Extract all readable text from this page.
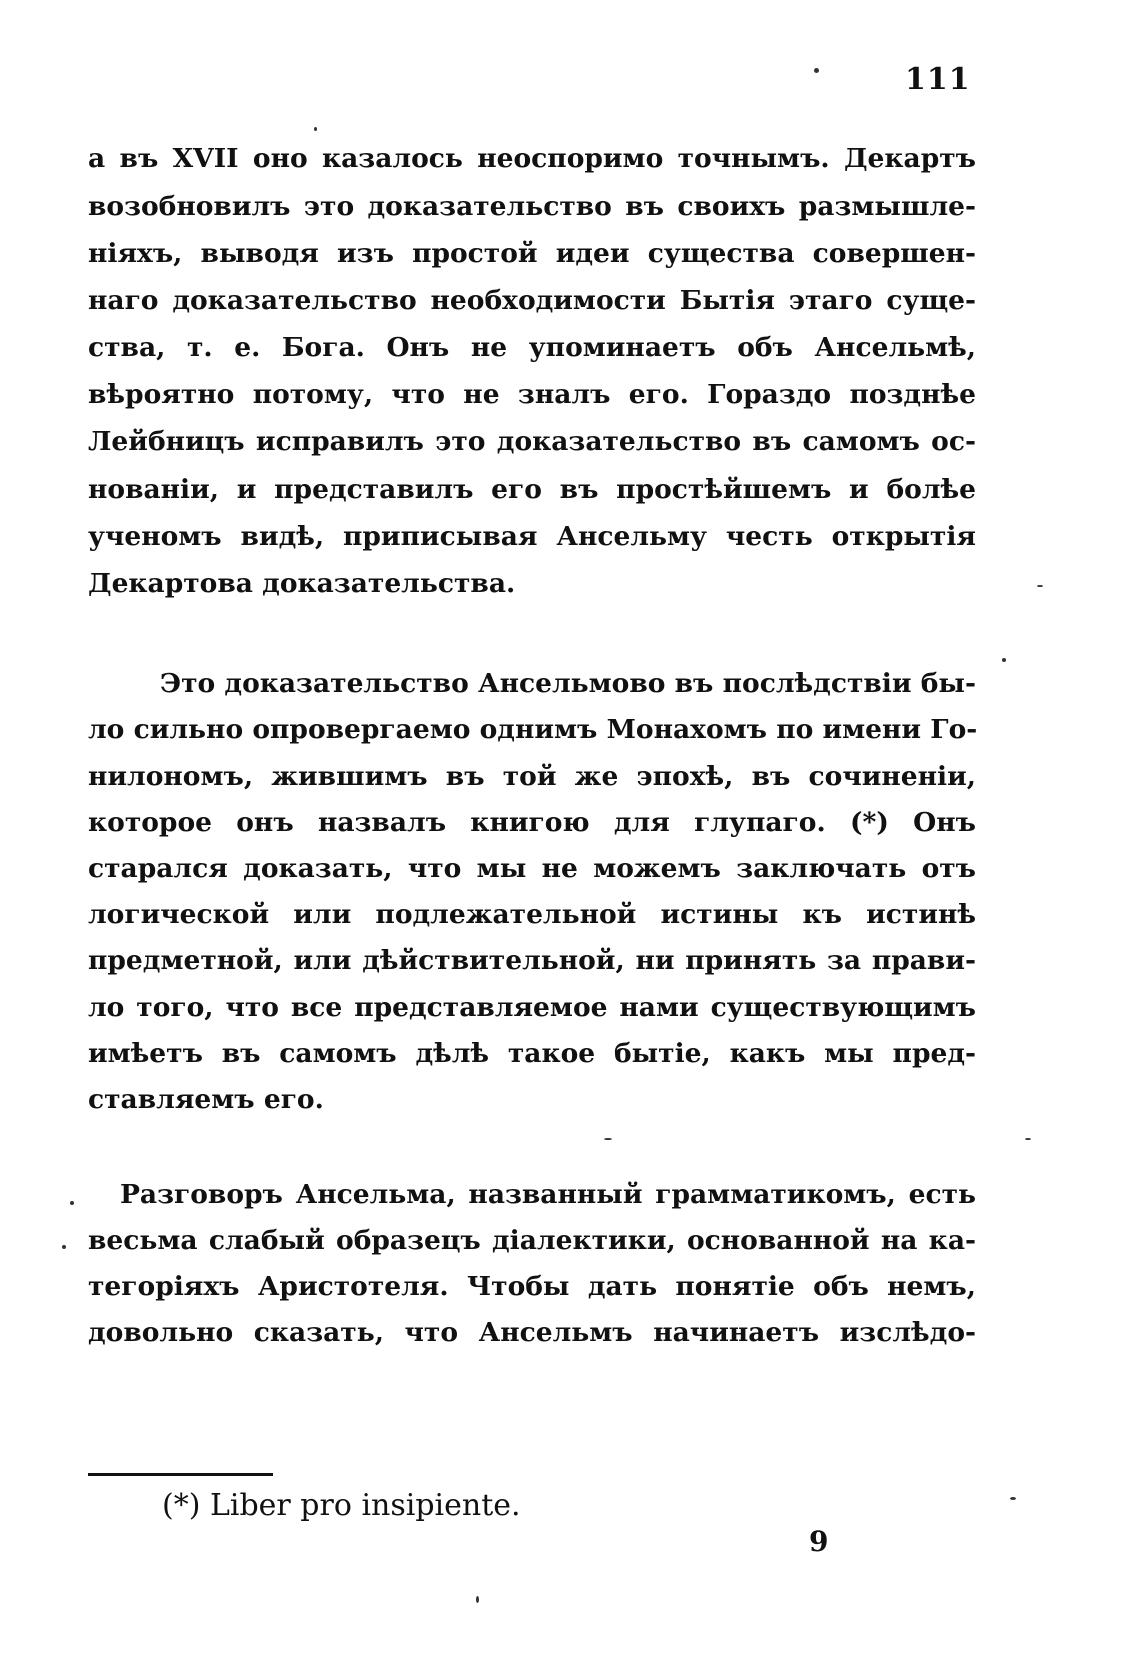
111
а въ XVII оно казалось неоспоримо точнымъ. Декартъ
возобновилъ это доказательство въ своихъ размышле-
ніяхъ, выводя изъ простой идеи существа совершен-
наго доказательство необходимости Бытія этаго суще-
ства, т. е. Бога. Онъ не упоминаетъ объ Ансельмѣ,
вѣроятно потому, что не зналъ его. Гораздо позднѣе
Лейбницъ исправилъ это доказательство въ самомъ ос-
нованіи, и представилъ его въ простѣйшемъ и болѣе
ученомъ видѣ, приписывая Ансельму честь открытія
Декартова доказательства.
Это доказательство Ансельмово въ послѣдствіи бы-
ло сильно опровергаемо однимъ Монахомъ по имени Го-
нилономъ, жившимъ въ той же эпохѣ, въ сочиненіи,
которое онъ назвалъ книгою для глупаго. (*) Онъ
старался доказать, что мы не можемъ заключать отъ
логической или подлежательной истины къ истинѣ
предметной, или дѣйствительной, ни принять за прави-
ло того, что все представляемое нами существующимъ
имѣетъ въ самомъ дѣлѣ такое бытіе, какъ мы пред-
ставляемъ его.
Разговоръ Ансельма, названный грамматикомъ, есть
весьма слабый образецъ діалектики, основанной на ка-
тегоріяхъ Аристотеля. Чтобы дать понятіе объ немъ,
довольно сказать, что Ансельмъ начинаетъ изслѣдо-
(*) Liber pro insipiente.
9
